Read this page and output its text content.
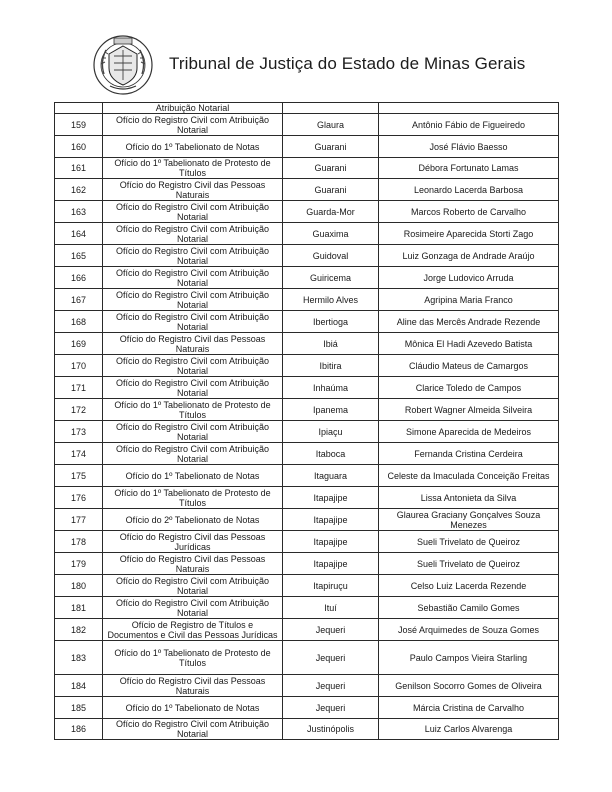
Tribunal de Justiça do Estado de Minas Gerais
	Atribuição Notarial		
159	Ofício do Registro Civil com Atribuição Notarial	Glaura	Antônio Fábio de Figueiredo
160	Ofício do 1º Tabelionato de Notas	Guarani	José Flávio Baesso
161	Ofício do 1º Tabelionato de Protesto de Títulos	Guarani	Débora Fortunato Lamas
162	Ofício do Registro Civil das Pessoas Naturais	Guarani	Leonardo Lacerda Barbosa
163	Ofício do Registro Civil com Atribuição Notarial	Guarda-Mor	Marcos Roberto de Carvalho
164	Ofício do Registro Civil com Atribuição Notarial	Guaxima	Rosimeire Aparecida Storti Zago
165	Ofício do Registro Civil com Atribuição Notarial	Guidoval	Luiz Gonzaga de Andrade Araújo
166	Ofício do Registro Civil com Atribuição Notarial	Guiricema	Jorge Ludovico Arruda
167	Ofício do Registro Civil com Atribuição Notarial	Hermilo Alves	Agripina Maria Franco
168	Ofício do Registro Civil com Atribuição Notarial	Ibertioga	Aline das Mercês Andrade Rezende
169	Ofício do Registro Civil das Pessoas Naturais	Ibiá	Mônica El Hadi Azevedo Batista
170	Ofício do Registro Civil com Atribuição Notarial	Ibitira	Cláudio Mateus de Camargos
171	Ofício do Registro Civil com Atribuição Notarial	Inhaúma	Clarice Toledo de Campos
172	Ofício do 1º Tabelionato de Protesto de Títulos	Ipanema	Robert Wagner Almeida Silveira
173	Ofício do Registro Civil com Atribuição Notarial	Ipiaçu	Simone Aparecida de Medeiros
174	Ofício do Registro Civil com Atribuição Notarial	Itaboca	Fernanda Cristina Cerdeira
175	Ofício do 1º Tabelionato de Notas	Itaguara	Celeste da Imaculada Conceição Freitas
176	Ofício do 1º Tabelionato de Protesto de Títulos	Itapajipe	Lissa Antonieta da Silva
177	Ofício do 2º Tabelionato de Notas	Itapajipe	Glaurea Graciany Gonçalves Souza Menezes
178	Ofício do Registro Civil das Pessoas Jurídicas	Itapajipe	Sueli Trivelato de Queiroz
179	Ofício do Registro Civil das Pessoas Naturais	Itapajipe	Sueli Trivelato de Queiroz
180	Ofício do Registro Civil com Atribuição Notarial	Itapiruçu	Celso Luiz Lacerda Rezende
181	Ofício do Registro Civil com Atribuição Notarial	Ituí	Sebastião Camilo Gomes
182	Ofício de Registro de Títulos e Documentos e Civil das Pessoas Jurídicas	Jequeri	José Arquimedes de Souza Gomes
183	Ofício do 1º Tabelionato de Protesto de Títulos	Jequeri	Paulo Campos Vieira Starling
184	Ofício do Registro Civil das Pessoas Naturais	Jequeri	Genilson Socorro Gomes de Oliveira
185	Ofício do 1º Tabelionato de Notas	Jequeri	Márcia Cristina de Carvalho
186	Ofício do Registro Civil com Atribuição Notarial	Justinópolis	Luiz Carlos Alvarenga
